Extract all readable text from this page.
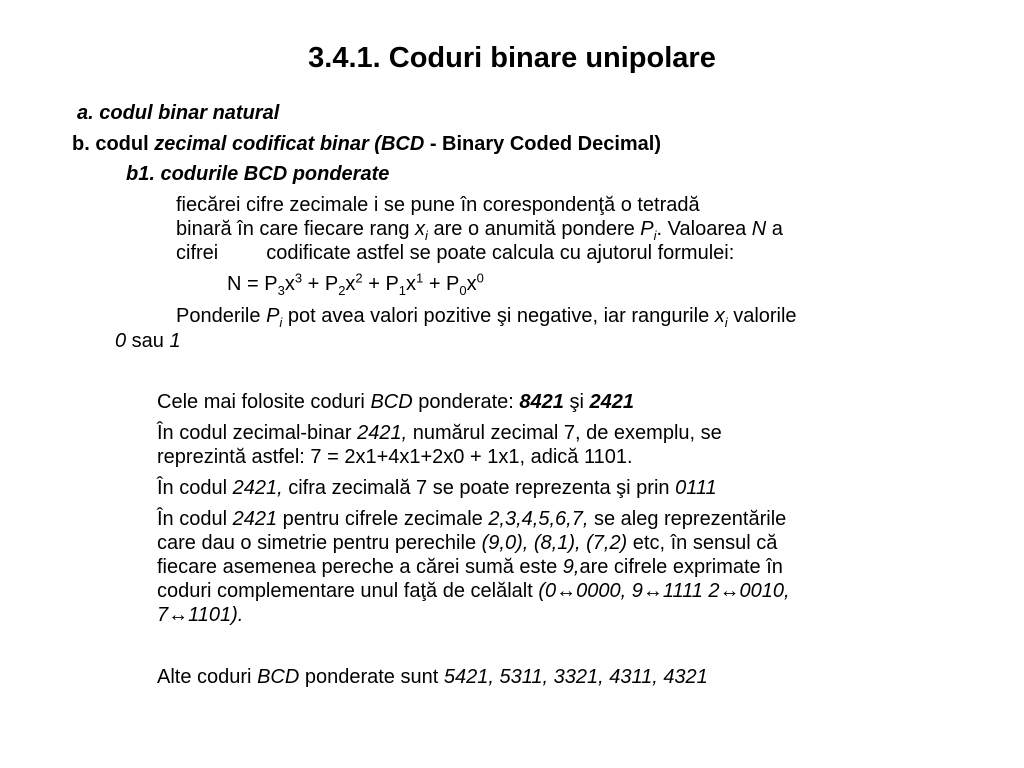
3.4.1. Coduri binare unipolare

a. codul binar natural

b. codul zecimal codificat binar (BCD - Binary Coded Decimal)

b1. codurile BCD ponderate

fiecărei cifre zecimale i se pune în corespondenţă o tetradă

binară în care fiecare rang $x_i$ are o anumită pondere $P_i$. Valoarea N a

cifrei codificate astfel se poate calcula cu ajutorul formulei:

$N = P_3x^3 + P_2x^2 + P_1x^1 + P_0x^0$

Ponderile $P_i$ pot avea valori pozitive şi negative, iar rangurile $x_i$ valorile

0 sau 1

Cele mai folosite coduri BCD ponderate: 8421 şi 2421

În codul zecimal-binar 2421, numărul zecimal 7, de exemplu, se

reprezintă astfel: 7 = 2x1+4x1+2x0 + 1x1, adică 1101.

În codul 2421, cifra zecimală 7 se poate reprezenta şi prin 0111

În codul 2421 pentru cifrele zecimale 2,3,4,5,6,7, se aleg reprezentările

care dau o simetrie pentru perechile (9,0), (8,1), (7,2) etc, în sensul că

fiecare asemenea pereche a cărei sumă este 9,are cifrele exprimate în

coduri complementare unul faţă de celălalt (0↔0000, 9↔1111 2↔0010,

7↔1101).

Alte coduri BCD ponderate sunt 5421, 5311, 3321, 4311, 4321
